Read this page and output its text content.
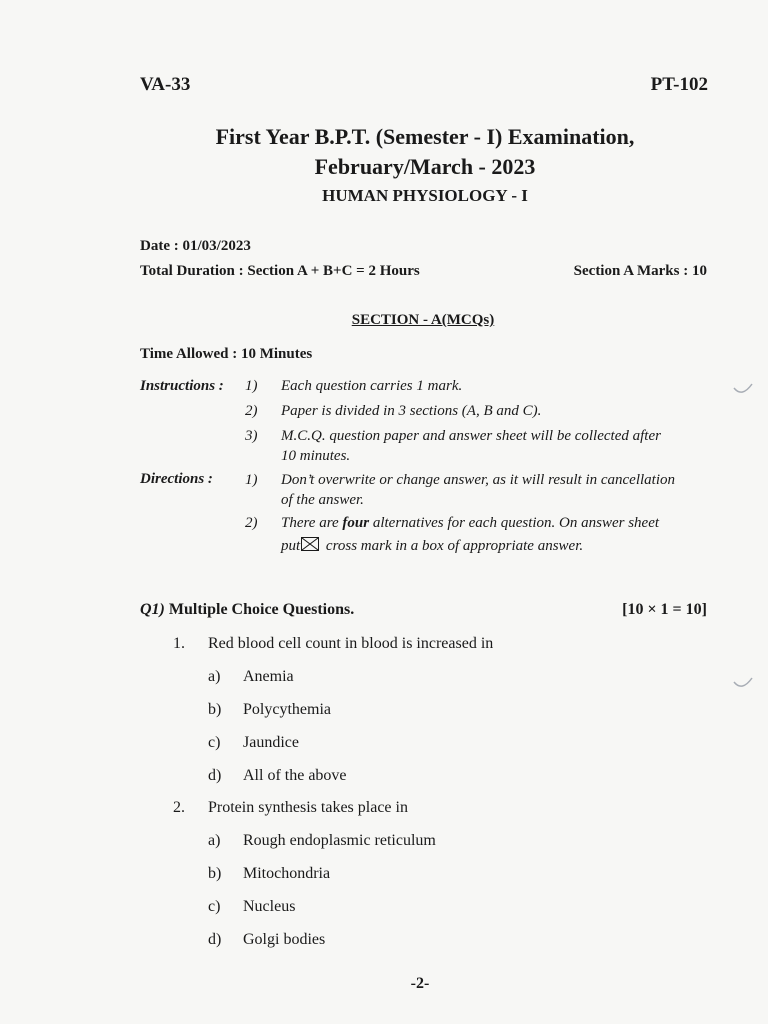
VA-33	PT-102
First Year B.P.T. (Semester - I) Examination,
February/March - 2023
HUMAN PHYSIOLOGY - I
Date : 01/03/2023
Total Duration : Section A + B+C = 2 Hours	Section A Marks : 10
SECTION - A(MCQs)
Time Allowed : 10 Minutes
Instructions : 1) Each question carries 1 mark.
2) Paper is divided in 3 sections (A, B and C).
3) M.C.Q. question paper and answer sheet will be collected after
10 minutes.
Directions : 1) Don’t overwrite or change answer, as it will result in cancellation
of the answer.
2) There are four alternatives for each question. On answer sheet
put
cross mark in a box of appropriate answer.
Q1) Multiple Choice Questions.	[10 × 1 = 10]
1. Red blood cell count in blood is increased in
a) Anemia
b) Polycythemia
c) Jaundice
d) All of the above
2. Protein synthesis takes place in
a) Rough endoplasmic reticulum
b) Mitochondria
c) Nucleus
d) Golgi bodies
-2-
